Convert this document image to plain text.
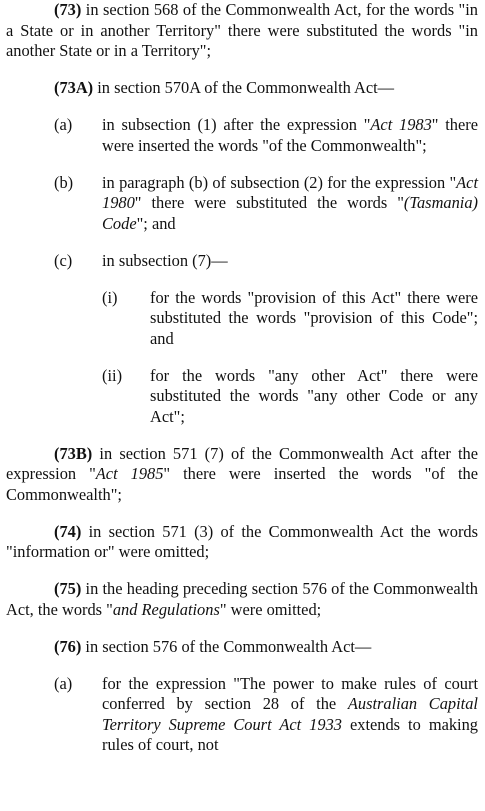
(73) in section 568 of the Commonwealth Act, for the words "in a State or in another Territory" there were substituted the words "in another State or in a Territory";

(73A) in section 570A of the Commonwealth Act—

(a) in subsection (1) after the expression "Act 1983" there were inserted the words "of the Commonwealth";

(b) in paragraph (b) of subsection (2) for the expression "Act 1980" there were substituted the words "(Tasmania) Code"; and

(c) in subsection (7)—

(i) for the words "provision of this Act" there were substituted the words "provision of this Code"; and

(ii) for the words "any other Act" there were substituted the words "any other Code or any Act";

(73B) in section 571 (7) of the Commonwealth Act after the expression "Act 1985" there were inserted the words "of the Commonwealth";

(74) in section 571 (3) of the Commonwealth Act the words "information or" were omitted;

(75) in the heading preceding section 576 of the Commonwealth Act, the words "and Regulations" were omitted;

(76) in section 576 of the Commonwealth Act—

(a) for the expression "The power to make rules of court conferred by section 28 of the Australian Capital Territory Supreme Court Act 1933 extends to making rules of court, not
